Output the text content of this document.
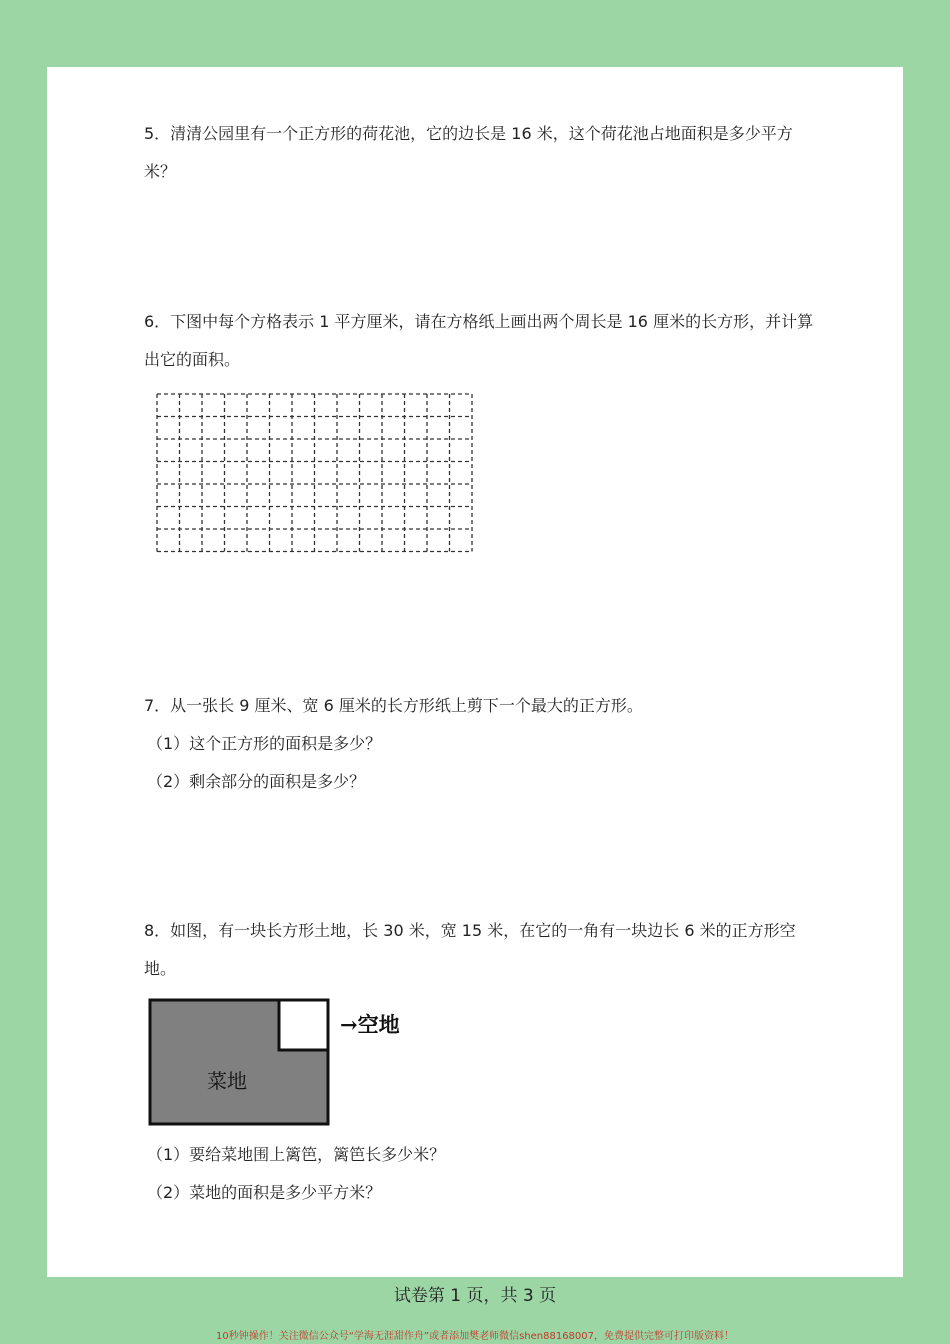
5．清清公园里有一个正方形的荷花池，它的边长是 16 米，这个荷花池占地面积是多少平方米？
6．下图中每个方格表示 1 平方厘米，请在方格纸上画出两个周长是 16 厘米的长方形，并计算出它的面积。
7．从一张长 9 厘米、宽 6 厘米的长方形纸上剪下一个最大的正方形。
（1）这个正方形的面积是多少？
（2）剩余部分的面积是多少？
8．如图，有一块长方形土地，长 30 米，宽 15 米，在它的一角有一块边长 6 米的正方形空地。
菜地
→空地
（1）要给菜地围上篱笆，篱笆长多少米？
（2）菜地的面积是多少平方米？
试卷第 1 页，共 3 页
10秒钟操作！关注微信公众号“学海无涯甜作舟”或者添加樊老师微信shen88168007，免费提供完整可打印版资料！
